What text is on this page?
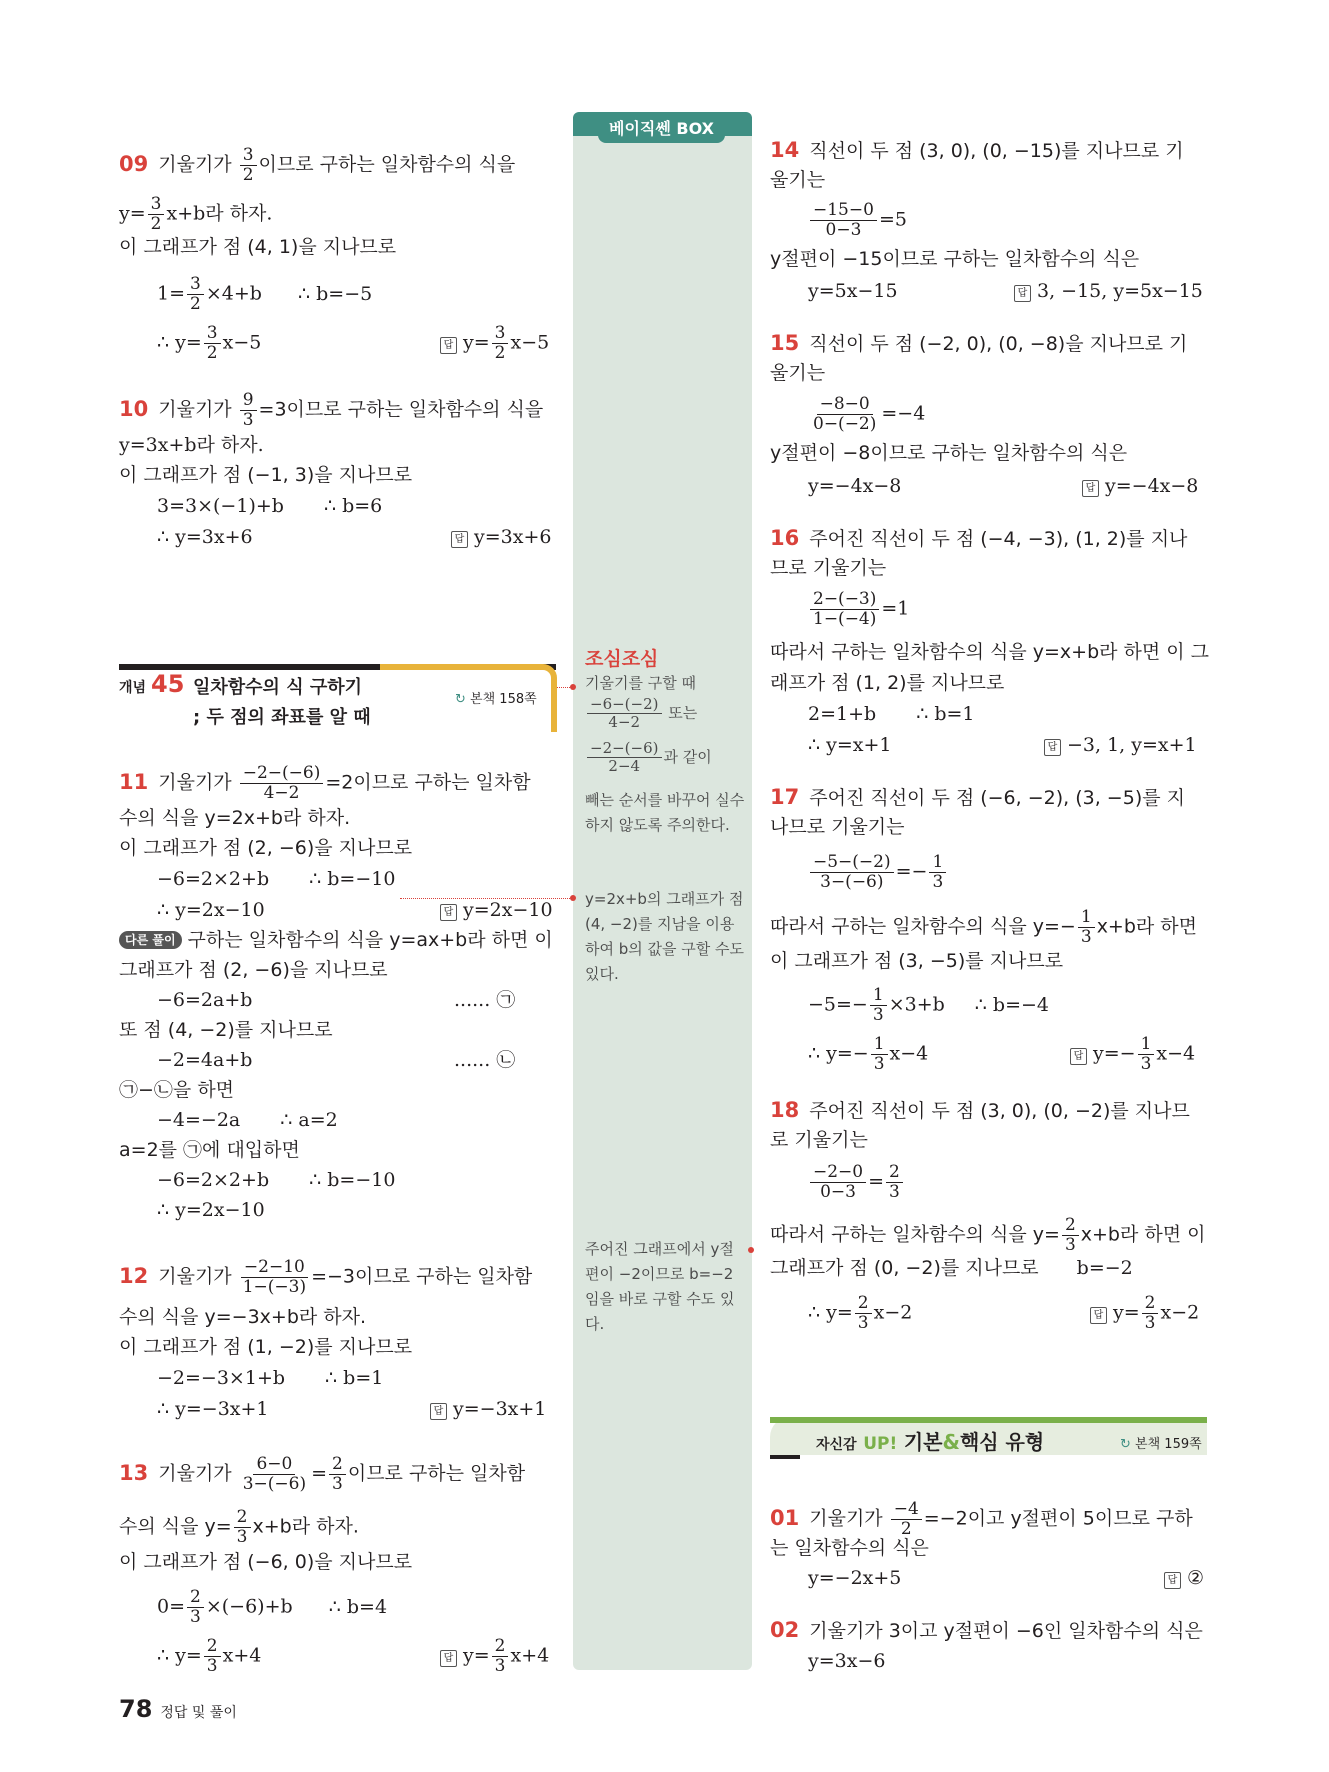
베이직쎈 BOX
조심조심
기울기를 구할 때
$\frac{-6-(-2)}{4-2}$ 또는
$\frac{-2-(-6)}{2-4}$ 과 같이
빼는 순서를 바꾸어 실수하지 않도록 주의한다.
y=2x+b의 그래프가 점 (4, −2)를 지남을 이용하여 b의 값을 구할 수도 있다.
주어진 그래프에서 y절편이 −2이므로 b=−2임을 바로 구할 수도 있다.
09 기울기가 $\frac{3}{2}$ 이므로 구하는 일차함수의 식을
$y= \frac{3}{2} x+b$라 하자.
이 그래프가 점 (4, 1)을 지나므로
$1= \frac{3}{2} \times 4+b$ ∴ b=−5
∴ $y= \frac{3}{2} x-5$	답 $y= \frac{3}{2} x-5$
10 기울기가 $\frac{9}{3} =3$이므로 구하는 일차함수의 식을
y=3x+b라 하자.
이 그래프가 점 (−1, 3)을 지나므로
3=3×(−1)+b ∴ b=6
∴ y=3x+6	답 y=3x+6
개념 45 일차함수의 식 구하기
; 두 점의 좌표를 알 때
↻ 본책 158쪽
11 기울기가 $\frac{-2-(-6)}{4-2} =2$이므로 구하는 일차함
수의 식을 y=2x+b라 하자.
이 그래프가 점 (2, −6)을 지나므로
−6=2×2+b ∴ b=−10
∴ y=2x−10	답 y=2x−10
다른 풀이 구하는 일차함수의 식을 y=ax+b라 하면 이
그래프가 점 (2, −6)을 지나므로
−6=2a+b	...... ㉠
또 점 (4, −2)를 지나므로
−2=4a+b	...... ㉡
㉠−㉡을 하면
−4=−2a ∴ a=2
a=2를 ㉠에 대입하면
−6=2×2+b ∴ b=−10
∴ y=2x−10
12 기울기가 $\frac{-2-10}{1-(-3)} =-3$이므로 구하는 일차함
수의 식을 y=−3x+b라 하자.
이 그래프가 점 (1, −2)를 지나므로
−2=−3×1+b ∴ b=1
∴ y=−3x+1	답 y=−3x+1
13 기울기가 $\frac{6-0}{3-(-6)} = \frac{2}{3}$ 이므로 구하는 일차함
수의 식을 $y= \frac{2}{3} x+b$라 하자.
이 그래프가 점 (−6, 0)을 지나므로
$0= \frac{2}{3} \times(-6)+b$ ∴ b=4
∴ $y= \frac{2}{3} x+4$	답 $y= \frac{2}{3} x+4$
78 정답 및 풀이
14 직선이 두 점 (3, 0), (0, −15)를 지나므로 기
울기는
$\frac{-15-0}{0-3} =5$
y절편이 −15이므로 구하는 일차함수의 식은
y=5x−15	답 3, −15, y=5x−15
15 직선이 두 점 (−2, 0), (0, −8)을 지나므로 기
울기는
$\frac{-8-0}{0-(-2)} =-4$
y절편이 −8이므로 구하는 일차함수의 식은
y=−4x−8	답 y=−4x−8
16 주어진 직선이 두 점 (−4, −3), (1, 2)를 지나
므로 기울기는
$\frac{2-(-3)}{1-(-4)} =1$
따라서 구하는 일차함수의 식을 y=x+b라 하면 이 그
래프가 점 (1, 2)를 지나므로
2=1+b ∴ b=1
∴ y=x+1	답 −3, 1, y=x+1
17 주어진 직선이 두 점 (−6, −2), (3, −5)를 지
나므로 기울기는
$\frac{-5-(-2)}{3-(-6)} =- \frac{1}{3}$
따라서 구하는 일차함수의 식을 $y=- \frac{1}{3} x+b$라 하면
이 그래프가 점 (3, −5)를 지나므로
$-5=- \frac{1}{3} \times 3+b$ ∴ b=−4
∴ $y=- \frac{1}{3} x-4$	답 $y=- \frac{1}{3} x-4$
18 주어진 직선이 두 점 (3, 0), (0, −2)를 지나므
로 기울기는
$\frac{-2-0}{0-3} = \frac{2}{3}$
따라서 구하는 일차함수의 식을 $y= \frac{2}{3} x+b$라 하면 이
그래프가 점 (0, −2)를 지나므로 b=−2
∴ $y= \frac{2}{3} x-2$	답 $y= \frac{2}{3} x-2$
자신감 UP! 기본&핵심 유형	↻ 본책 159쪽
01 기울기가 $\frac{-4}{2} =-2$이고 y절편이 5이므로 구하
는 일차함수의 식은
y=−2x+5	답 ②
02 기울기가 3이고 y절편이 −6인 일차함수의 식은
y=3x−6
